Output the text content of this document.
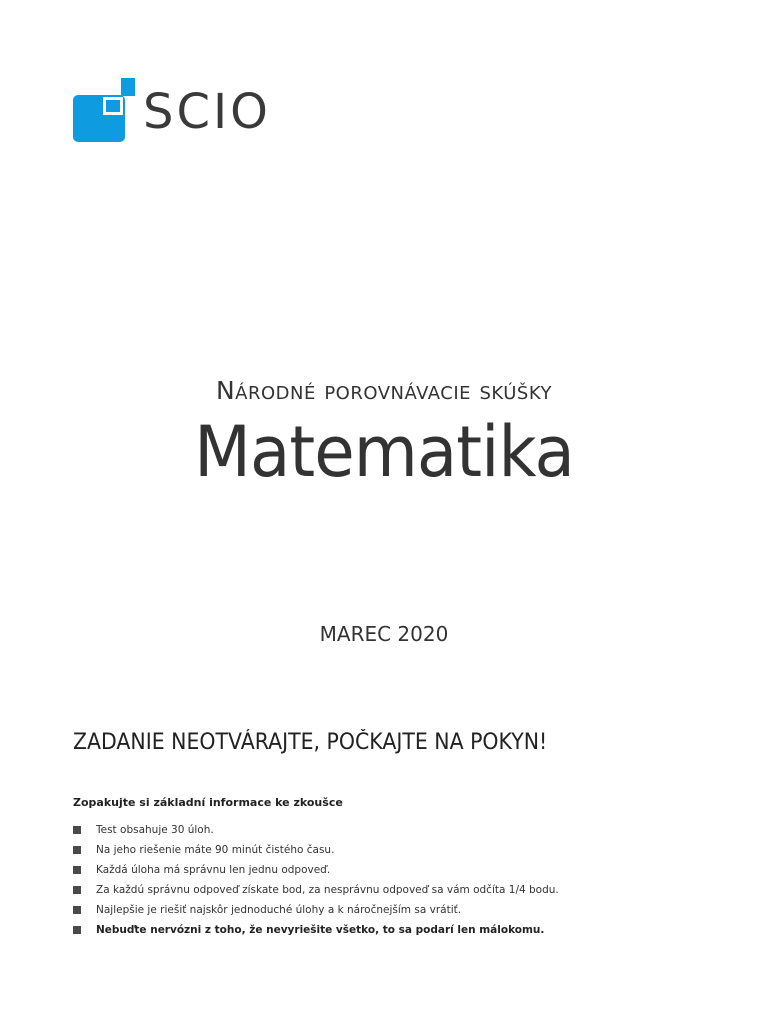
SCIO
Národné porovnávacie skúšky
Matematika
MAREC 2020
ZADANIE NEOTVÁRAJTE, POČKAJTE NA POKYN!
Zopakujte si základní informace ke zkoušce
Test obsahuje 30 úloh.
Na jeho riešenie máte 90 minút čistého času.
Každá úloha má správnu len jednu odpoveď.
Za každú správnu odpoveď získate bod, za nesprávnu odpoveď sa vám odčíta 1/4 bodu.
Najlepšie je riešiť najskôr jednoduché úlohy a k náročnejším sa vrátiť.
Nebuďte nervózni z toho, že nevyriešite všetko, to sa podarí len málokomu.
